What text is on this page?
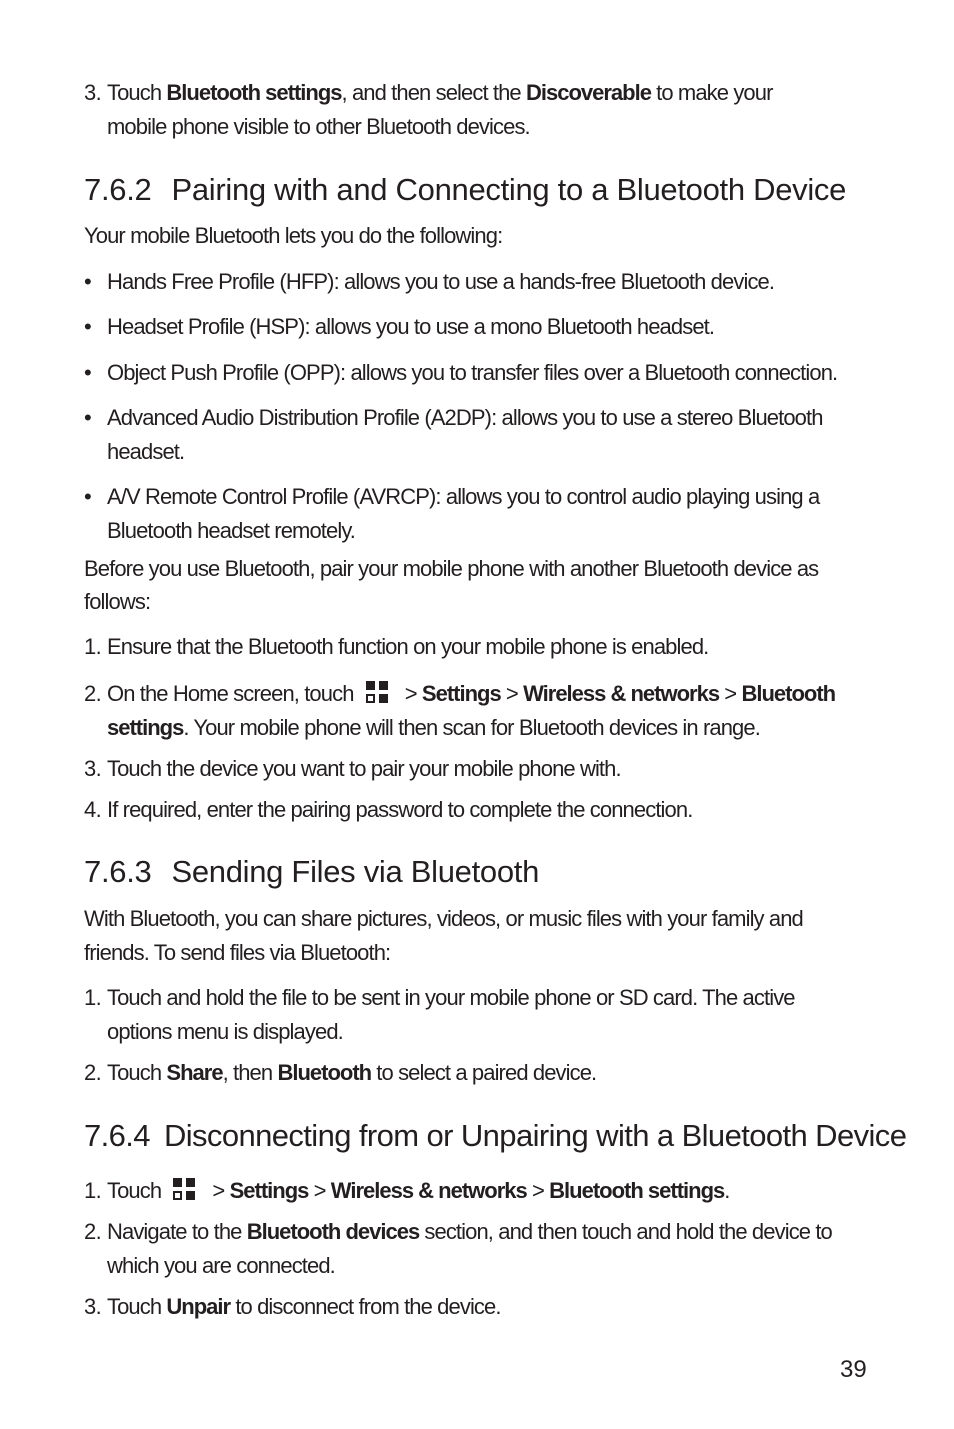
3. Touch Bluetooth settings, and then select the Discoverable to make your
mobile phone visible to other Bluetooth devices.
7.6.2 Pairing with and Connecting to a Bluetooth Device
Your mobile Bluetooth lets you do the following:
• Hands Free Profile (HFP): allows you to use a hands-free Bluetooth device.
• Headset Profile (HSP): allows you to use a mono Bluetooth headset.
• Object Push Profile (OPP): allows you to transfer files over a Bluetooth connection.
• Advanced Audio Distribution Profile (A2DP): allows you to use a stereo Bluetooth
headset.
• A/V Remote Control Profile (AVRCP): allows you to control audio playing using a
Bluetooth headset remotely.
Before you use Bluetooth, pair your mobile phone with another Bluetooth device as
follows:
1. Ensure that the Bluetooth function on your mobile phone is enabled.
2. On the Home screen, touch
> Settings > Wireless & networks > Bluetooth
settings. Your mobile phone will then scan for Bluetooth devices in range.
3. Touch the device you want to pair your mobile phone with.
4. If required, enter the pairing password to complete the connection.
7.6.3 Sending Files via Bluetooth
With Bluetooth, you can share pictures, videos, or music files with your family and
friends. To send files via Bluetooth:
1. Touch and hold the file to be sent in your mobile phone or SD card. The active
options menu is displayed.
2. Touch Share, then Bluetooth to select a paired device.
7.6.4 Disconnecting from or Unpairing with a Bluetooth Device
1. Touch
> Settings > Wireless & networks > Bluetooth settings.
2. Navigate to the Bluetooth devices section, and then touch and hold the device to
which you are connected.
3. Touch Unpair to disconnect from the device.
39
